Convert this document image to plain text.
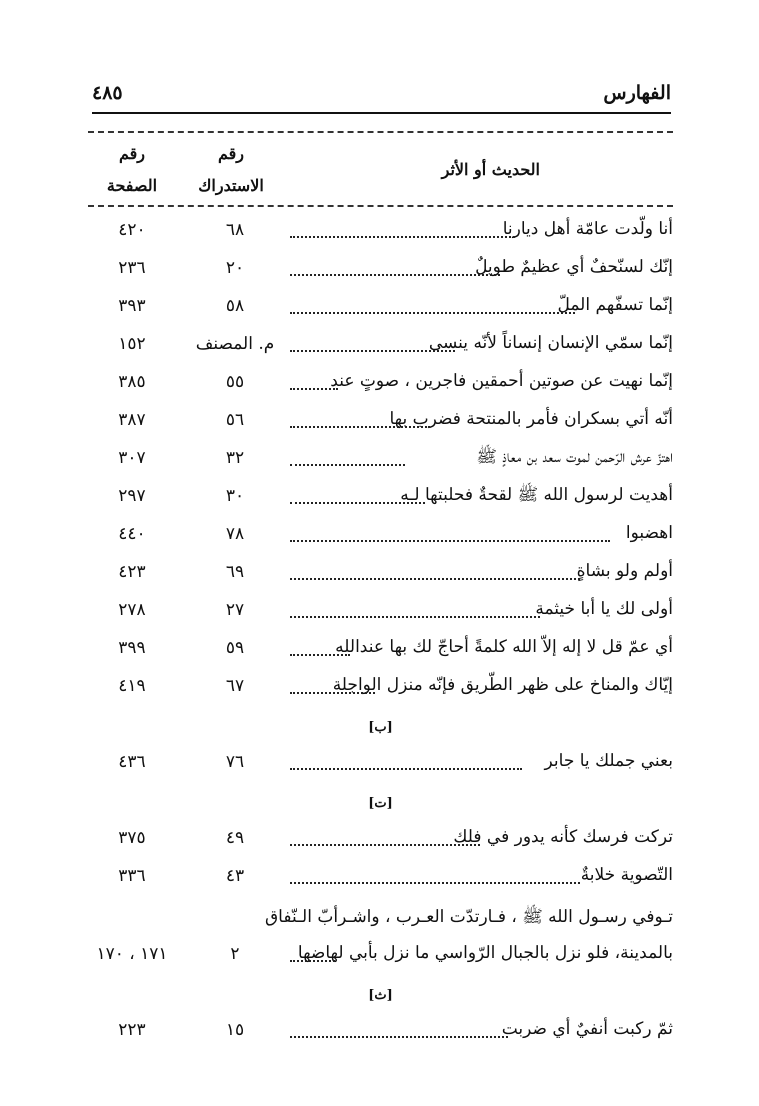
الفهارس
٤٨٥
الحديث أو الأثر
رقم
الاستدراك
رقم
الصفحة
أنا ولّدت عامّة أهل ديارنا
٦٨
٤٢٠
إنّك لسنّحفٌ أي عظيمٌ طويلٌ
٢٠
٢٣٦
إنّما تسفّهم الملّ
٥٨
٣٩٣
إنّما سمّي الإنسان إنساناً لأنّه ينسى
م. المصنف
١٥٢
إنّما نهيت عن صوتين أحمقين فاجرين ، صوتٍ عند
٥٥
٣٨٥
أنّه أتي بسكران فأمر بالمنتحة فضرب بها
٥٦
٣٨٧
اهتزّ عرش الرّحمن لموت سعد بن معاذٍ ﷺ
٣٢
٣٠٧
أهديت لرسول الله ﷺ لقحةٌ فحلبتها لـه
٣٠
٢٩٧
اهضبوا
٧٨
٤٤٠
أولم ولو بشاةٍ
٦٩
٤٢٣
أولى لك يا أبا خيثمة
٢٧
٢٧٨
أي عمّ قل لا إله إلاّ الله كلمةً أحاجّ لك بها عندالله
٥٩
٣٩٩
إيّاك والمناخ على ظهر الطّريق فإنّه منزل الواجلة
٦٧
٤١٩
[ب]
بعني جملك يا جابر
٧٦
٤٣٦
[ت]
تركت فرسك كأنه يدور في فلك
٤٩
٣٧٥
التّصوية خلابةٌ
٤٣
٣٣٦
تـوفي رسـول الله ﷺ ، فـارتدّت العـرب ، واشـرأبّ الـنّفاق
بالمدينة، فلو نزل بالجبال الرّواسي ما نزل بأبي لهاضها
٢
١٧١ ، ١٧٠
[ث]
ثمّ ركبت أنفيٌ أي ضربت
١٥
٢٢٣
